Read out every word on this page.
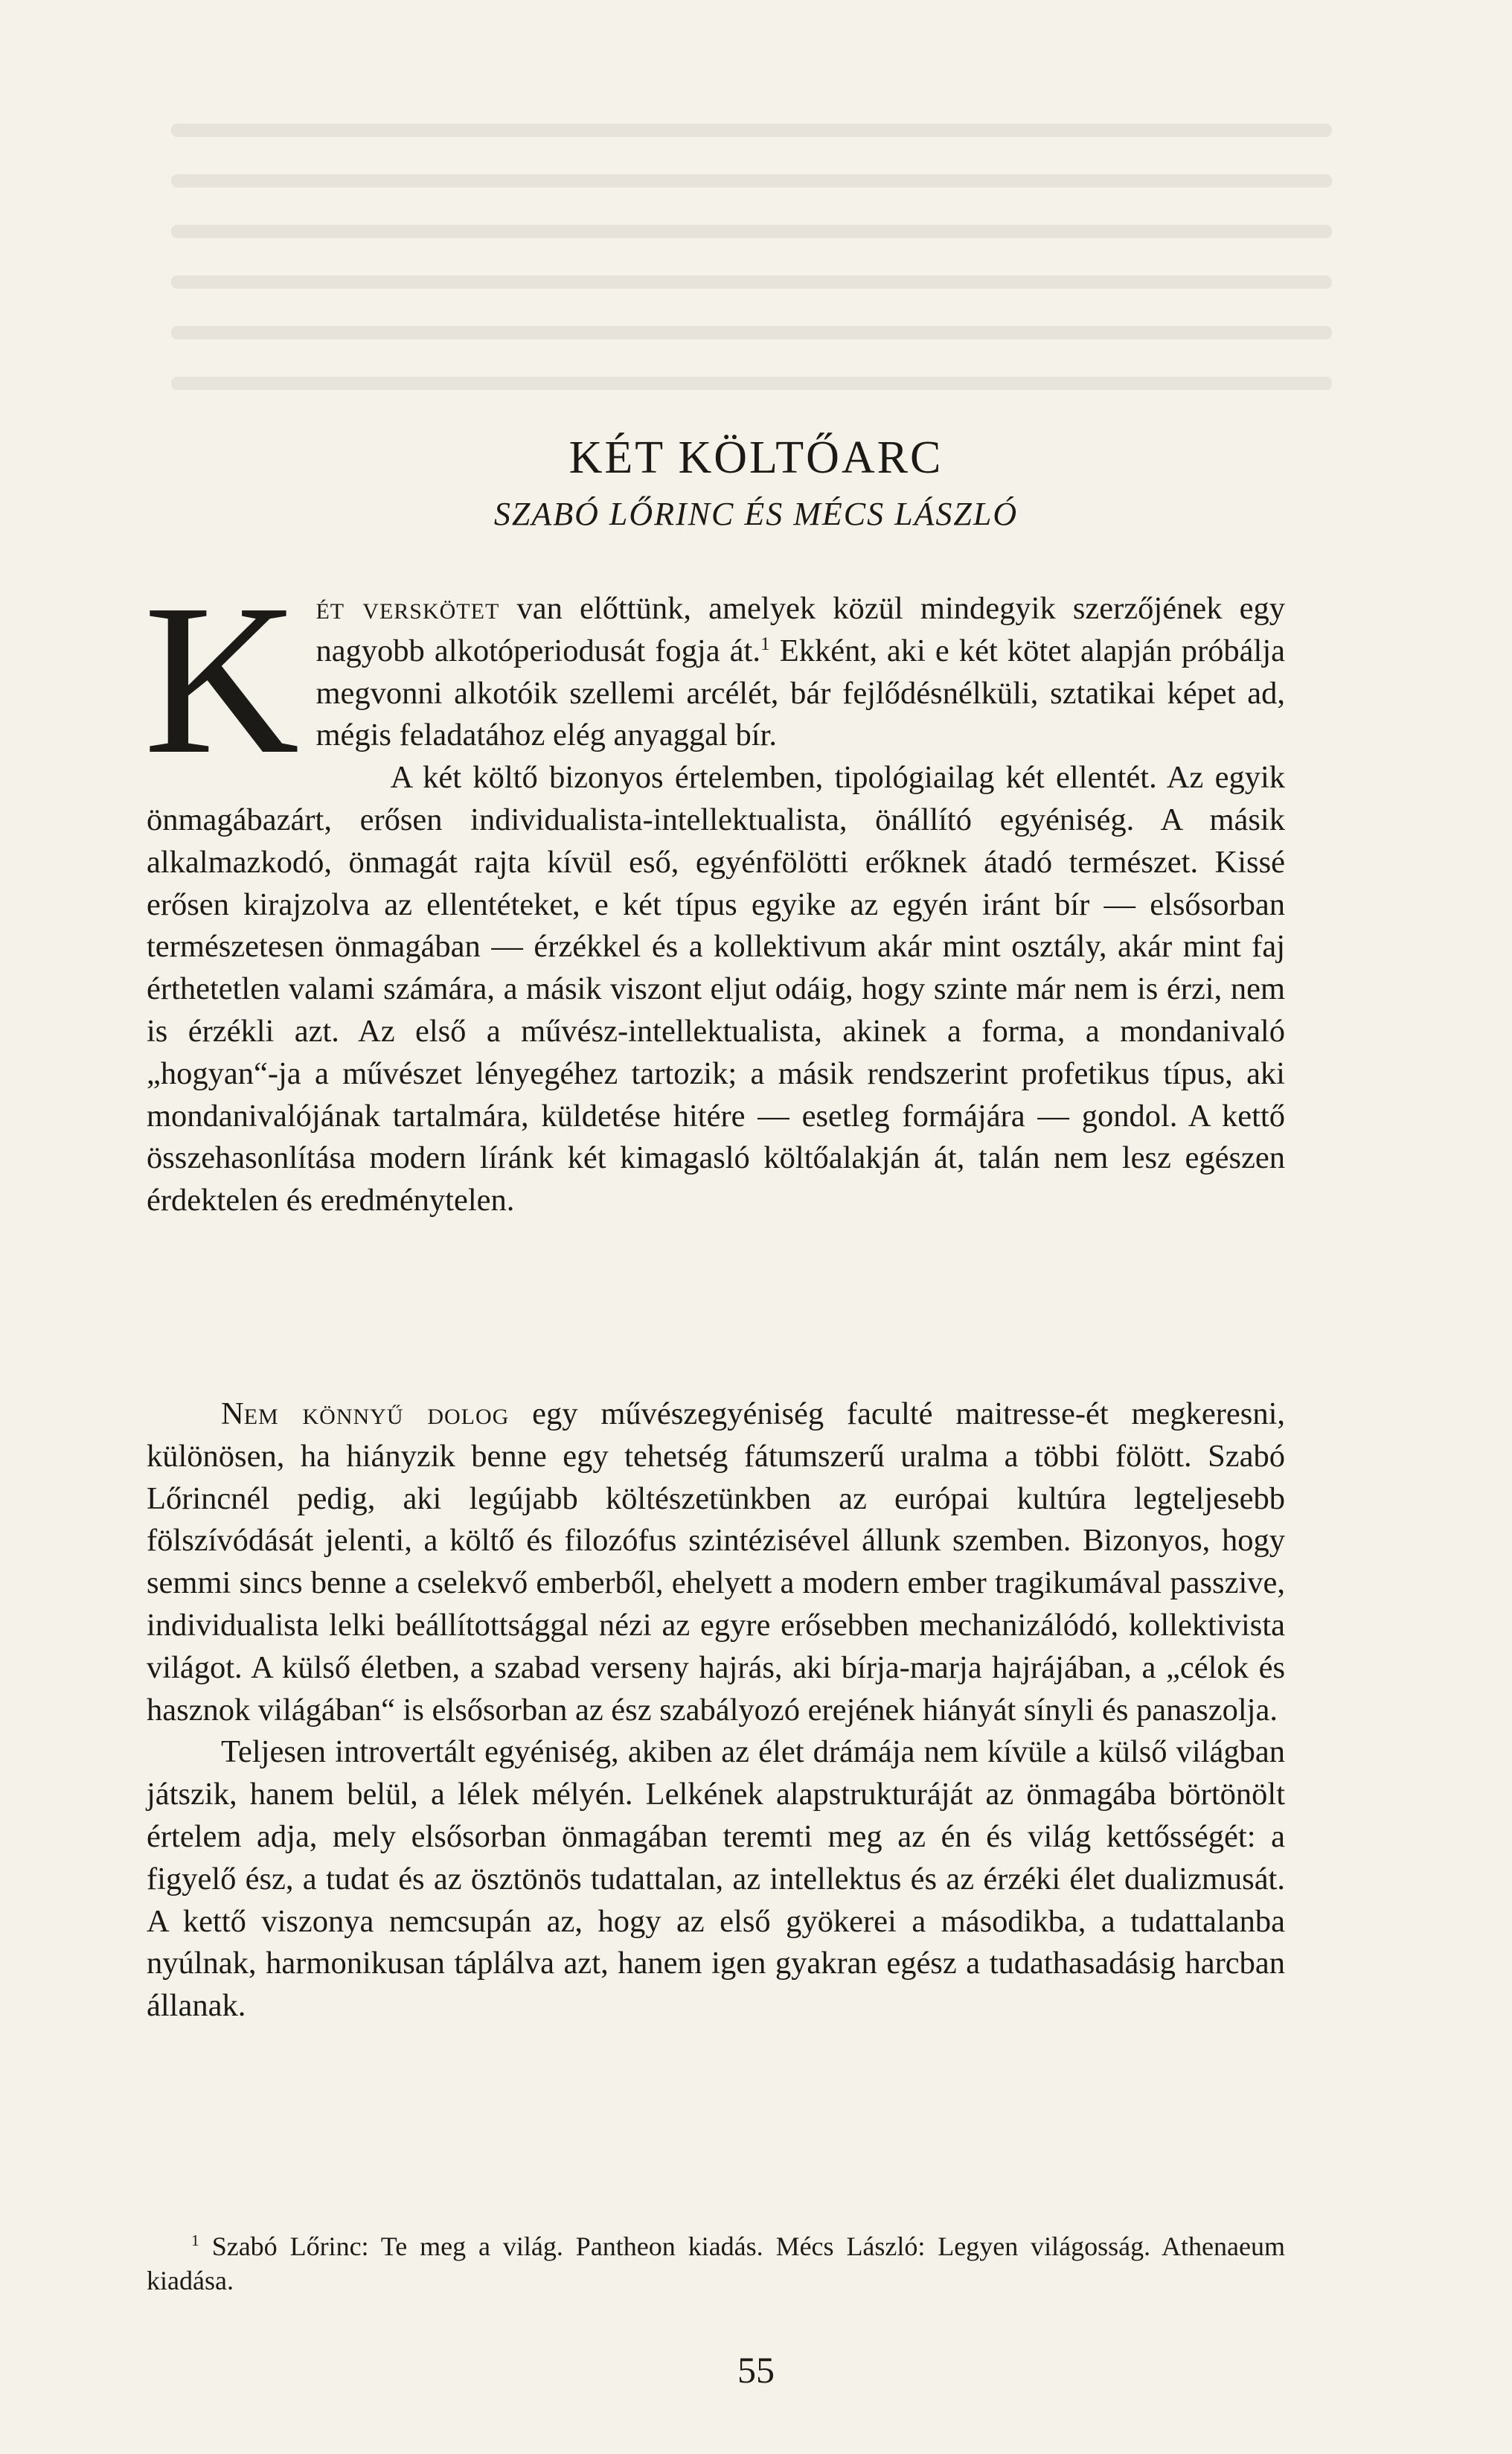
KÉT KÖLTŐARC
SZABÓ LŐRINC ÉS MÉCS LÁSZLÓ

Két verskötet van előttünk, amelyek közül mindegyik szerzőjének egy nagyobb alkotóperiodusát fogja át.$^1$ Ekként, aki e két kötet alapján próbálja megvonni alkotóik szellemi arcélét, bár fejlődésnélküli, sztatikai képet ad, mégis feladatához elég anyaggal bír.

A két költő bizonyos értelemben, tipológiailag két ellentét. Az egyik önmagábazárt, erősen individualista-intellektualista, önállító egyéniség. A másik alkalmazkodó, önmagát rajta kívül eső, egyénfölötti erőknek átadó természet. Kissé erősen kirajzolva az ellentéteket, e két típus egyike az egyén iránt bír — elsősorban természetesen önmagában — érzékkel és a kollektivum akár mint osztály, akár mint faj érthetetlen valami számára, a másik viszont eljut odáig, hogy szinte már nem is érzi, nem is érzékli azt. Az első a művész-intellektualista, akinek a forma, a mondanivaló „hogyan“-ja a művészet lényegéhez tartozik; a másik rendszerint profetikus típus, aki mondanivalójának tartalmára, küldetése hitére — esetleg formájára — gondol. A kettő összehasonlítása modern líránk két kimagasló költőalakján át, talán nem lesz egészen érdektelen és eredménytelen.

Nem könnyű dolog egy művészegyéniség faculté maitresse-ét megkeresni, különösen, ha hiányzik benne egy tehetség fátumszerű uralma a többi fölött. Szabó Lőrincnél pedig, aki legújabb költészetünkben az európai kultúra legteljesebb fölszívódását jelenti, a költő és filozófus szintézisével állunk szemben. Bizonyos, hogy semmi sincs benne a cselekvő emberből, ehelyett a modern ember tragikumával passzive, individualista lelki beállítottsággal nézi az egyre erősebben mechanizálódó, kollektivista világot. A külső életben, a szabad verseny hajrás, aki bírja-marja hajrájában, a „célok és hasznok világában“ is elsősorban az ész szabályozó erejének hiányát sínyli és panaszolja.

Teljesen introvertált egyéniség, akiben az élet drámája nem kívüle a külső világban játszik, hanem belül, a lélek mélyén. Lelkének alapstrukturáját az önmagába börtönölt értelem adja, mely elsősorban önmagában teremti meg az én és világ kettősségét: a figyelő ész, a tudat és az ösztönös tudattalan, az intellektus és az érzéki élet dualizmusát. A kettő viszonya nemcsupán az, hogy az első gyökerei a másodikba, a tudattalanba nyúlnak, harmonikusan táplálva azt, hanem igen gyakran egész a tudathasadásig harcban állanak.

$^1$ Szabó Lőrinc: Te meg a világ. Pantheon kiadás. Mécs László: Legyen világosság. Athenaeum kiadása.
55
